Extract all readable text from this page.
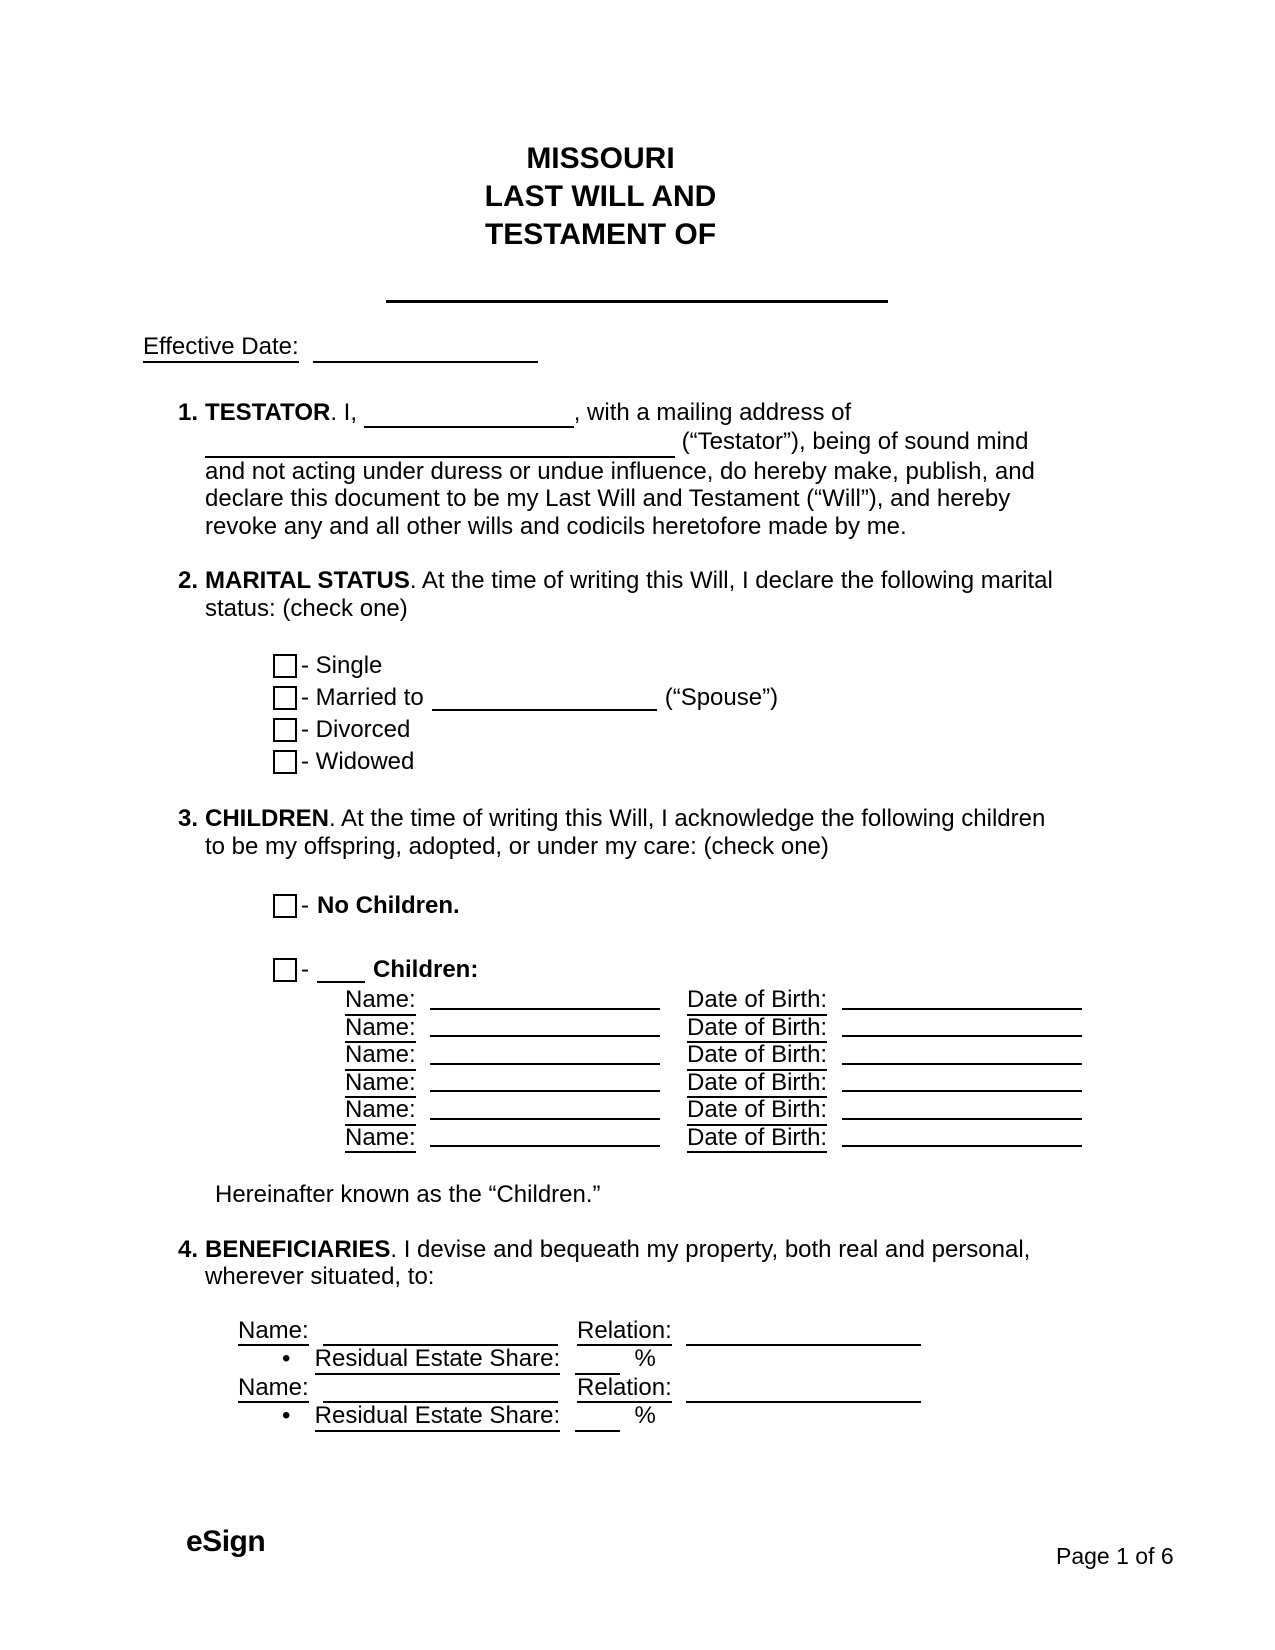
MISSOURI
LAST WILL AND
TESTAMENT OF
Effective Date:
1. TESTATOR. I,	, with a mailing address of   (“Testator”), being of sound mind and not acting under duress or undue influence, do hereby make, publish, and declare this document to be my Last Will and Testament (“Will”), and hereby revoke any and all other wills and codicils heretofore made by me.
2. MARITAL STATUS. At the time of writing this Will, I declare the following marital status: (check one)
- Single
- Married to
	(“Spouse”)
- Divorced
- Widowed
3. CHILDREN. At the time of writing this Will, I acknowledge the following children to be my offspring, adopted, or under my care: (check one)
- No Children.
-
	Children:
Name:	Date of Birth:
Name:	Date of Birth:
Name:	Date of Birth:
Name:	Date of Birth:
Name:	Date of Birth:
Name:	Date of Birth:
Hereinafter known as the “Children.”
4. BENEFICIARIES. I devise and bequeath my property, both real and personal, wherever situated, to:
Name:	Relation:
• Residual Estate Share:	%
Name:	Relation:
• Residual Estate Share:	%
eSign	Page 1 of 6
